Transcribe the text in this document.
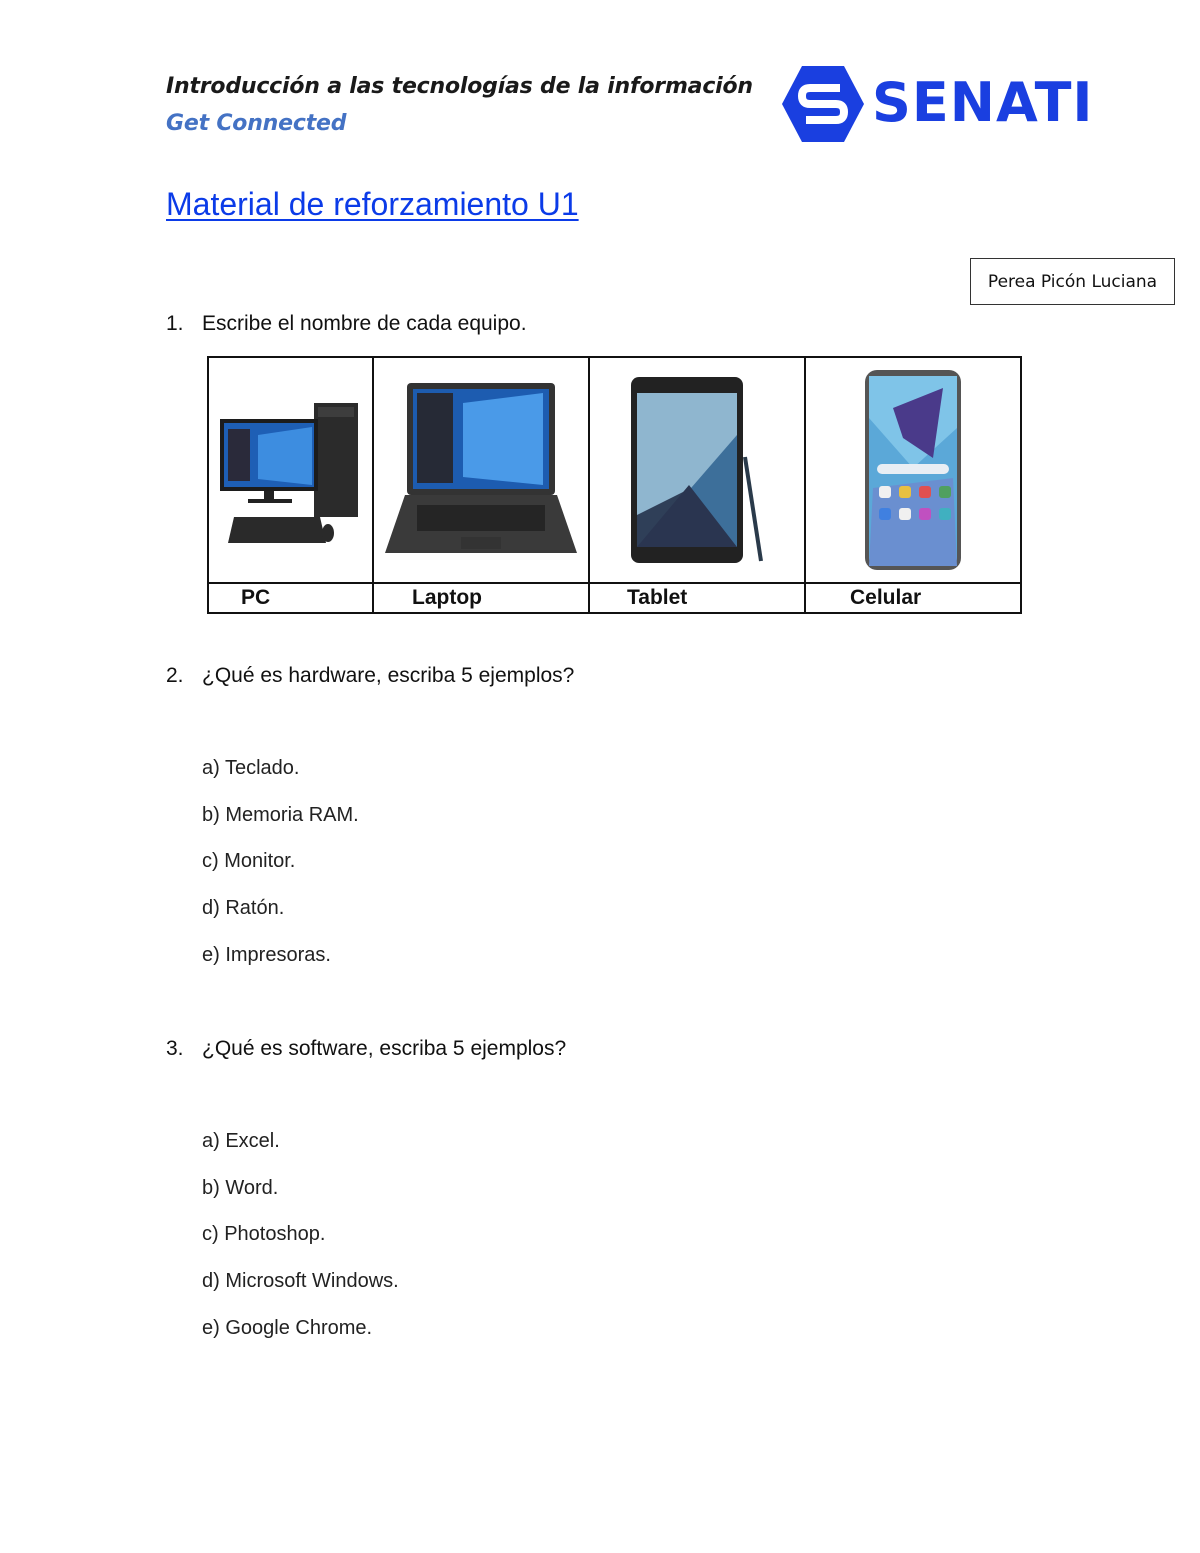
Introducción a las tecnologías de la información
Get Connected	SENATI
Material de reforzamiento U1
Perea Picón Luciana
1. Escribe el nombre de cada equipo.

PC	Laptop	Tablet	Celular
2. ¿Qué es hardware, escriba 5 ejemplos?
a) Teclado.
b) Memoria RAM.
c) Monitor.
d) Ratón.
e) Impresoras.
3. ¿Qué es software, escriba 5 ejemplos?
a) Excel.
b) Word.
c) Photoshop.
d) Microsoft Windows.
e) Google Chrome.
